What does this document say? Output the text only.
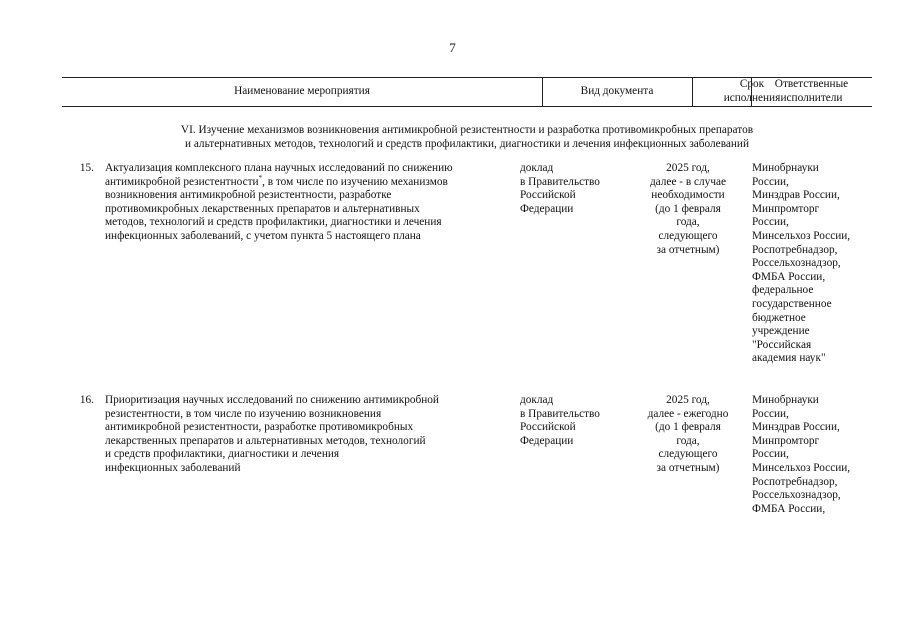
7
Наименование мероприятия	Вид документа
Срок
исполнения
Ответственные
исполнители
VI. Изучение механизмов возникновения антимикробной резистентности и разработка противомикробных препаратов
и альтернативных методов, технологий и средств профилактики, диагностики и лечения инфекционных заболеваний
15. Актуализация комплексного плана научных исследований по снижению
антимикробной резистентности*, в том числе по изучению механизмов
возникновения антимикробной резистентности, разработке
противомикробных лекарственных препаратов и альтернативных
методов, технологий и средств профилактики, диагностики и лечения
инфекционных заболеваний, с учетом пункта 5 настоящего плана
доклад
в Правительство
Российской
Федерации
2025 год,
далее - в случае
необходимости
(до 1 февраля
года,
следующего
за отчетным)
Минобрнауки
России,
Минздрав России,
Минпромторг
России,
Минсельхоз России,
Роспотребнадзор,
Россельхознадзор,
ФМБА России,
федеральное
государственное
бюджетное
учреждение
"Российская
академия наук"
16. Приоритизация научных исследований по снижению антимикробной
резистентности, в том числе по изучению возникновения
антимикробной резистентности, разработке противомикробных
лекарственных препаратов и альтернативных методов, технологий
и средств профилактики, диагностики и лечения
инфекционных заболеваний
доклад
в Правительство
Российской
Федерации
2025 год,
далее - ежегодно
(до 1 февраля
года,
следующего
за отчетным)
Минобрнауки
России,
Минздрав России,
Минпромторг
России,
Минсельхоз России,
Роспотребнадзор,
Россельхознадзор,
ФМБА России,
